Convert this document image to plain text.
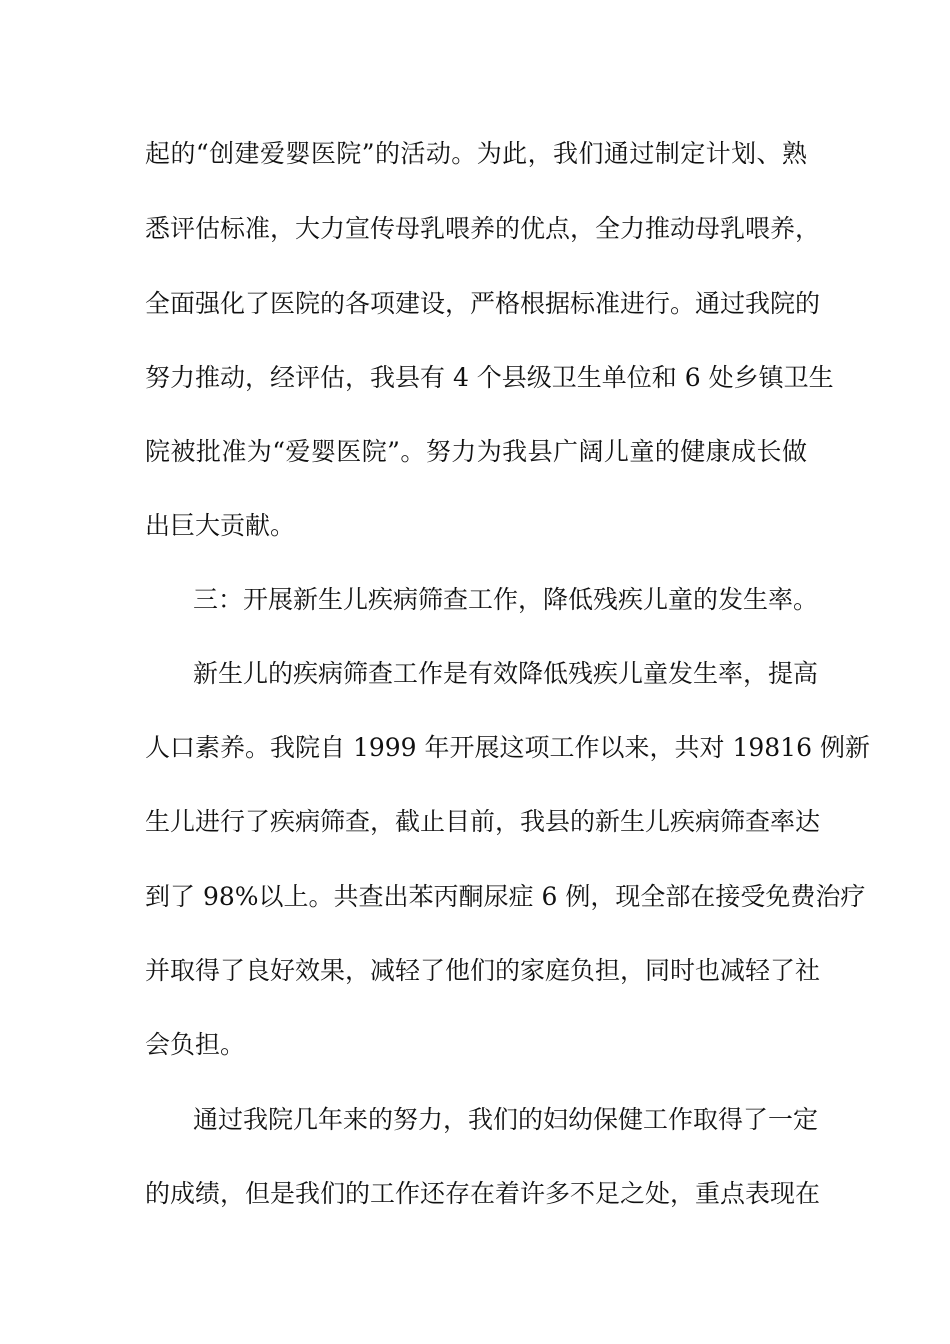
起的“创建爱婴医院”的活动。为此，我们通过制定计划、熟
悉评估标准，大力宣传母乳喂养的优点，全力推动母乳喂养，
全面强化了医院的各项建设，严格根据标准进行。通过我院的
努力推动，经评估，我县有 4 个县级卫生单位和 6 处乡镇卫生
院被批准为“爱婴医院”。努力为我县广阔儿童的健康成长做
出巨大贡献。
三：开展新生儿疾病筛查工作，降低残疾儿童的发生率。
新生儿的疾病筛查工作是有效降低残疾儿童发生率，提高
人口素养。我院自 1999 年开展这项工作以来，共对 19816 例新
生儿进行了疾病筛查，截止目前，我县的新生儿疾病筛查率达
到了 98%以上。共查出苯丙酮尿症 6 例，现全部在接受免费治疗
并取得了良好效果，减轻了他们的家庭负担，同时也减轻了社
会负担。
通过我院几年来的努力，我们的妇幼保健工作取得了一定
的成绩，但是我们的工作还存在着许多不足之处，重点表现在
